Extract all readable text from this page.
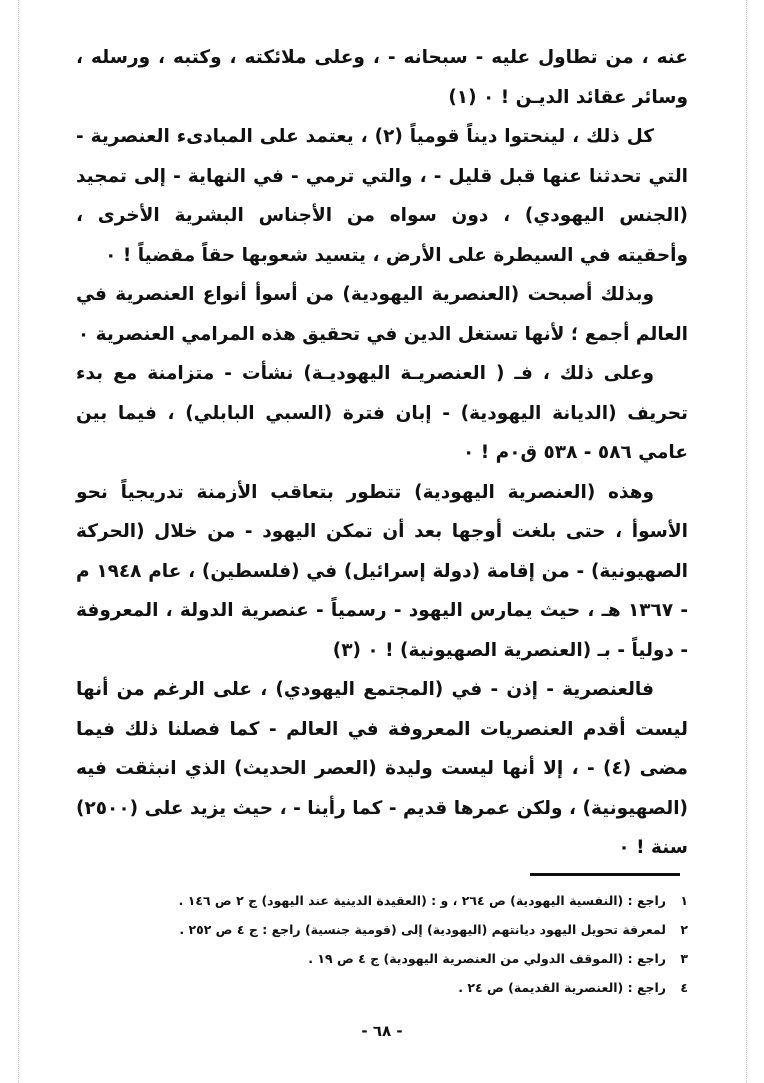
عنه ، من تطاول عليه - سبحانه - ، وعلى ملائكته ، وكتبه ، ورسله ، وسائر عقائد الديـن ! ٠ (١)

كل ذلك ، لينحتوا ديناً قومياً (٢) ، يعتمد على المبادىء العنصرية - التي تحدثنا عنها قبل قليل - ، والتي ترمي - في النهاية - إلى تمجيد (الجنس اليهودي) ، دون سواه من الأجناس البشرية الأخرى ، وأحقيته في السيطرة على الأرض ، يتسيد شعوبها حقاً مقضياً ! ٠

وبذلك أصبحت (العنصرية اليهودية) من أسوأ أنواع العنصرية في العالم أجمع ؛ لأنها تستغل الدين في تحقيق هذه المرامي العنصرية ٠

وعلى ذلك ، فـ ( العنصريـة اليهوديـة) نشأت - متزامنة مع بدء تحريف (الديانة اليهودية) - إبان فترة (السبي البابلي) ، فيما بين عامي ٥٨٦ - ٥٣٨ ق٠م ! ٠

وهذه (العنصرية اليهودية) تتطور بتعاقب الأزمنة تدريجياً نحو الأسوأ ، حتى بلغت أوجها بعد أن تمكن اليهود - من خلال (الحركة الصهيونية) - من إقامة (دولة إسرائيل) في (فلسطين) ، عام ١٩٤٨ م - ١٣٦٧ هـ ، حيث يمارس اليهود - رسمياً - عنصرية الدولة ، المعروفة - دولياً - بـ (العنصرية الصهيونية) ! ٠ (٣)

فالعنصرية - إذن - في (المجتمع اليهودي) ، على الرغم من أنها ليست أقدم العنصريات المعروفة في العالم - كما فصلنا ذلك فيما مضى (٤) - ، إلا أنها ليست وليدة (العصر الحديث) الذي انبثقت فيه (الصهيونية) ، ولكن عمرها قديم - كما رأينا - ، حيث يزيد على (٢٥٠٠) سنة ! ٠

١راجع : (النفسية اليهودية) ص ٢٦٤ ، و : (العقيدة الدينية عند اليهود) ج ٢ ص ١٤٦ .
٢لمعرفة تحويل اليهود ديانتهم (اليهودية) إلى (قومية جنسية) راجع : ج ٤ ص ٢٥٢ .
٣راجع : (الموقف الدولي من العنصرية اليهودية) ج ٤ ص ١٩ .
٤راجع : (العنصرية القديمة) ص ٢٤ .
- ٦٨ -
